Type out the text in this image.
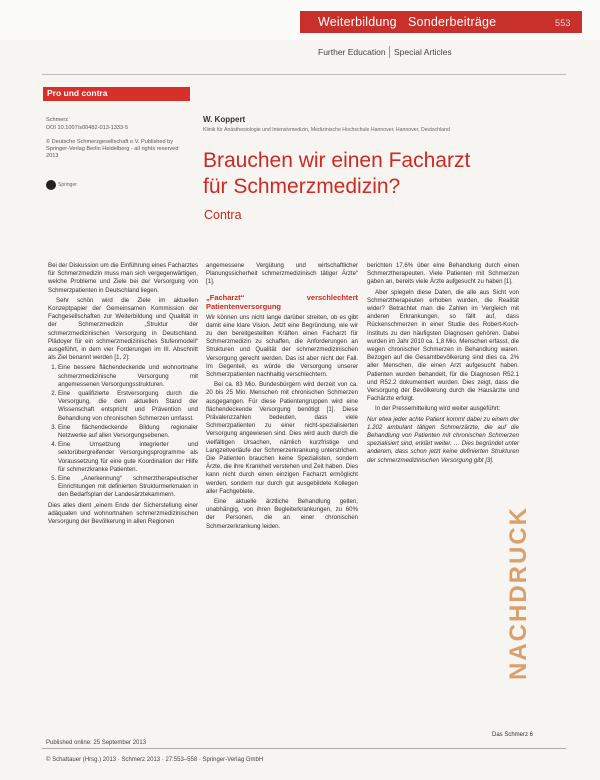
Weiterbildung Sonderbeiträge	553
Further Education Special Articles
Pro und contra
Schmerz
DOI 10.1007/s00482-013-1333-5
© Deutsche Schmerzgesellschaft e.V. Published by Springer-Verlag Berlin Heidelberg - all rights reserved 2013
Springer
W. Koppert
Klinik für Anästhesiologie und Intensivmedizin, Medizinische Hochschule Hannover, Hannover, Deutschland
Brauchen wir einen Facharzt
für Schmerzmedizin?
Contra

Bei der Diskussion um die Einführung eines Facharztes für Schmerzmedizin muss man sich vergegenwärtigen, welche Probleme und Ziele bei der Versorgung von Schmerzpatienten in Deutschland liegen.

Sehr schön wird die Ziele im aktuellen Konzeptpapier der Gemeinsamen Kommission der Fachgesellschaften zur Weiterbildung und Qualität in der Schmerzmedizin „Struktur der schmerzmedizinischen Versorgung in Deutschland. Plädoyer für ein schmerzmedizinisches Stufenmodell“ ausgeführt, in dem vier Forderungen im III. Abschnitt als Ziel benannt werden [1, 2]:

1. Eine bessere flächendeckende und wohnortnahe schmerzmedizinische Versorgung mit angemessenen Versorgungsstrukturen.
2. Eine qualifizierte Erstversorgung durch die Versorgung, die dem aktuellen Stand der Wissenschaft entspricht und Prävention und Behandlung von chronischen Schmerzen umfasst.
3. Eine flächendeckende Bildung regionaler Netzwerke auf allen Versorgungsebenen.
4. Eine Umsetzung integrierter und sektorübergreifender Versorgungsprogramme als Voraussetzung für eine gute Koordination der Hilfe für schmerzkranke Patienten.
5. Eine „Anerkennung“ schmerztherapeutischer Einrichtungen mit definierten Strukturmerkmalen in den Bedarfsplan der Landesärztekammern.

Dies alles dient „einem Ende der Sicherstellung einer adäquaten und wohnortnahen schmerzmedizinischen Versorgung der Bevölkerung in allen Regionen

angemessene Vergütung und wirtschaftlicher Planungssicherheit schmerzmedizinisch tätiger Ärzte“ [1].

„Facharzt“ verschlechtert Patientenversorgung

Wir können uns nicht lange darüber streiten, ob es gibt damit eine klare Vision. Jetzt eine Begründung, wie wir zu den bereitgestellten Kräften einen Facharzt für Schmerzmedizin zu schaffen, die Anforderungen an Strukturen und Qualität der schmerzmedizinischen Versorgung gerecht werden. Das ist aber nicht der Fall. Im Gegenteil, es würde die Versorgung unserer Schmerzpatienten nachhaltig verschlechtern.

Bei ca. 83 Mio. Bundesbürgern wird derzeit von ca. 20 bis 25 Mio. Menschen mit chronischen Schmerzen ausgegangen. Für diese Patientengruppen wird eine flächendeckende Versorgung benötigt [1]. Diese Prävalenzzahlen bedeuten, dass viele Schmerzpatienten zu einer nicht-spezialisierten Versorgung angewiesen sind. Dies wird auch durch die vielfältigen Ursachen, nämlich kurzfristige und Langzeitverläufe der Schmerzerkrankung unterstrichen. Die Patienten brauchen keine Spezialisten, sondern Ärzte, die ihre Krankheit verstehen und Zeit haben. Dies kann nicht durch einen einzigen Facharzt ermöglicht werden, sondern nur durch gut ausgebildete Kollegen aller Fachgebiete.

Eine aktuelle ärztliche Behandlung gelten, unabhängig, von ihren Begleiterkrankungen, zu 60% der Personen, die an einer chronischen Schmerzerkrankung leiden.

berichten 17,6% über eine Behandlung durch einen Schmerztherapeuten. Viele Patienten mit Schmerzen gaben an, bereits viele Ärzte aufgesucht zu haben [1].

Aber spiegeln diese Daten, die alle aus Sicht von Schmerztherapeuten erhoben wurden, die Realität wider? Betrachtet man die Zahlen im Vergleich mit anderen Erkrankungen, so fällt auf, dass Rückenschmerzen in einer Studie des Robert-Koch-Instituts zu den häufigsten Diagnosen gehören. Dabei wurden im Jahr 2010 ca. 1,8 Mio. Menschen erfasst, die wegen chronischer Schmerzen in Behandlung waren. Bezogen auf die Gesamtbevölkerung sind dies ca. 2% aller Menschen, die einen Arzt aufgesucht haben. Patienten wurden behandelt, für die Diagnosen R52.1 und R52.2 dokumentiert wurden. Dies zeigt, dass die Versorgung der Bevölkerung durch die Hausärzte und Fachärzte erfolgt.

In der Pressemitteilung wird weiter ausgeführt:

Nur etwa jeder achte Patient kommt dabei zu einem der 1.202 ambulant tätigen Schmerzärzte, die auf die Behandlung von Patienten mit chronischen Schmerzen spezialisiert sind, erklärt weiter. … Dies begründet unter anderem, dass schon jetzt keine definierten Strukturen der schmerzmedizinischen Versorgung gibt [3].

NACHDRUCK
Das Schmerz 6
Published online: 25 September 2013
© Schattauer (Hrsg.) 2013 · Schmerz 2013 · 27:553–558 · Springer-Verlag GmbH
